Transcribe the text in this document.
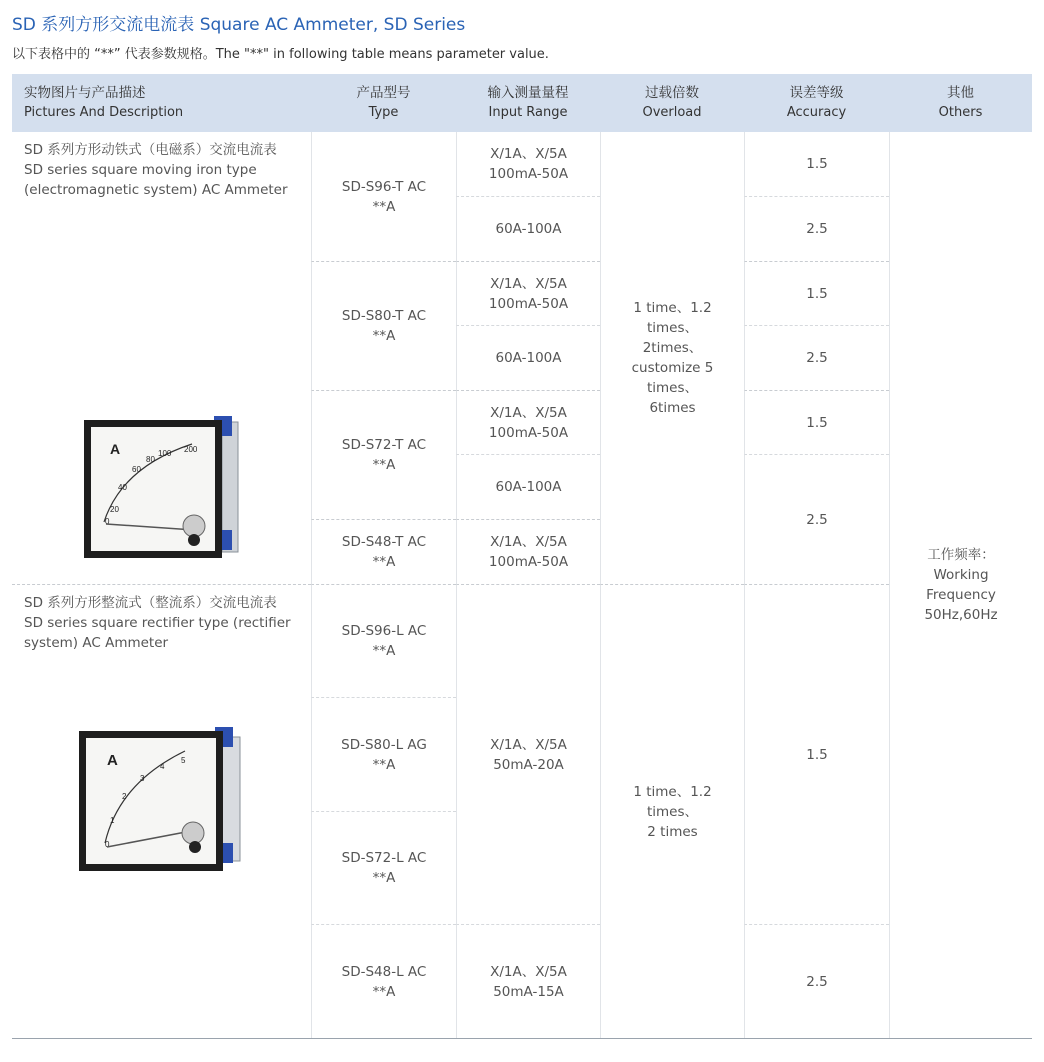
SD 系列方形交流电流表 Square AC Ammeter, SD Series
以下表格中的 “**” 代表参数规格。The "**" in following table means parameter value.
实物图片与产品描述
Pictures And Description
产品型号
Type
输入测量量程
Input Range
过载倍数
Overload
误差等级
Accuracy
其他
Others
SD 系列方形动铁式（电磁系）交流电流表
SD series square moving iron type
(electromagnetic system) AC Ammeter
A
0
20
40
60
80
100 200
SD-S96-T AC
**A
SD-S80-T AC
**A
SD-S72-T AC
**A
SD-S48-T AC
**A
X/1A、X/5A
100mA-50A
60A-100A
X/1A、X/5A
100mA-50A
60A-100A
X/1A、X/5A
100mA-50A
60A-100A
X/1A、X/5A
100mA-50A
1 time、1.2 times、
2times、
customize 5 times、
6times
1.5
2.5
1.5
2.5
1.5
2.5
工作频率：
Working
Frequency
50Hz,60Hz
SD 系列方形整流式（整流系）交流电流表
SD series square rectifier type (rectifier
system) AC Ammeter
A
0
1
2
3
4
5
SD-S96-L AC
**A
SD-S80-L AG
**A
SD-S72-L AC
**A
SD-S48-L AC
**A
X/1A、X/5A
50mA-20A
X/1A、X/5A
50mA-15A
1 time、1.2 times、
2 times
1.5
2.5
